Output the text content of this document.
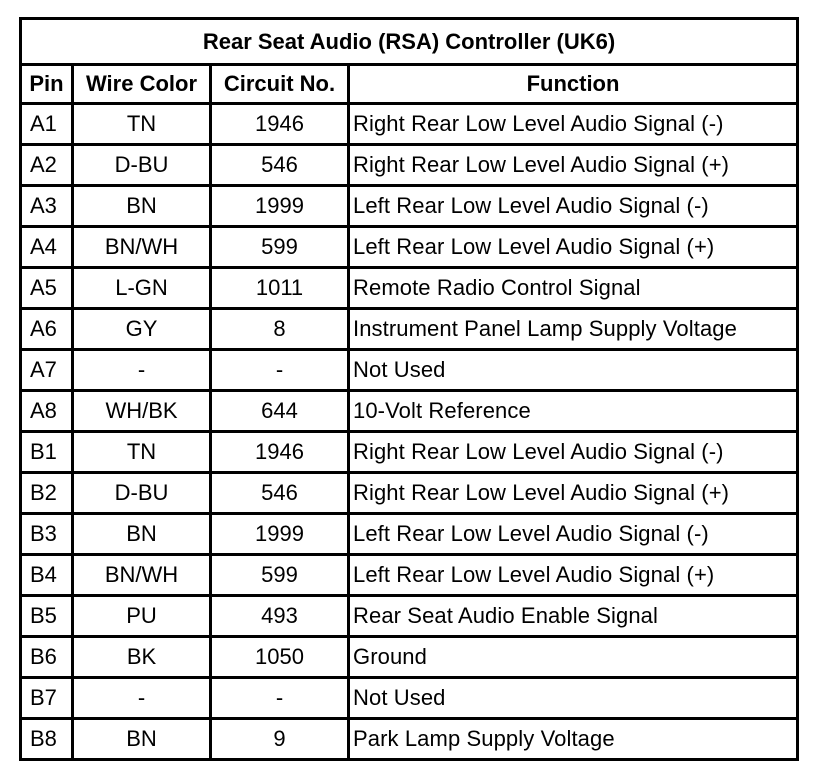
Rear Seat Audio (RSA) Controller (UK6)			
Pin	Wire Color	Circuit No.	Function
A1	TN	1946	Right Rear Low Level Audio Signal (-)
A2	D-BU	546	Right Rear Low Level Audio Signal (+)
A3	BN	1999	Left Rear Low Level Audio Signal (-)
A4	BN/WH	599	Left Rear Low Level Audio Signal (+)
A5	L-GN	1011	Remote Radio Control Signal
A6	GY	8	Instrument Panel Lamp Supply Voltage
A7	-	-	Not Used
A8	WH/BK	644	10-Volt Reference
B1	TN	1946	Right Rear Low Level Audio Signal (-)
B2	D-BU	546	Right Rear Low Level Audio Signal (+)
B3	BN	1999	Left Rear Low Level Audio Signal (-)
B4	BN/WH	599	Left Rear Low Level Audio Signal (+)
B5	PU	493	Rear Seat Audio Enable Signal
B6	BK	1050	Ground
B7	-	-	Not Used
B8	BN	9	Park Lamp Supply Voltage
